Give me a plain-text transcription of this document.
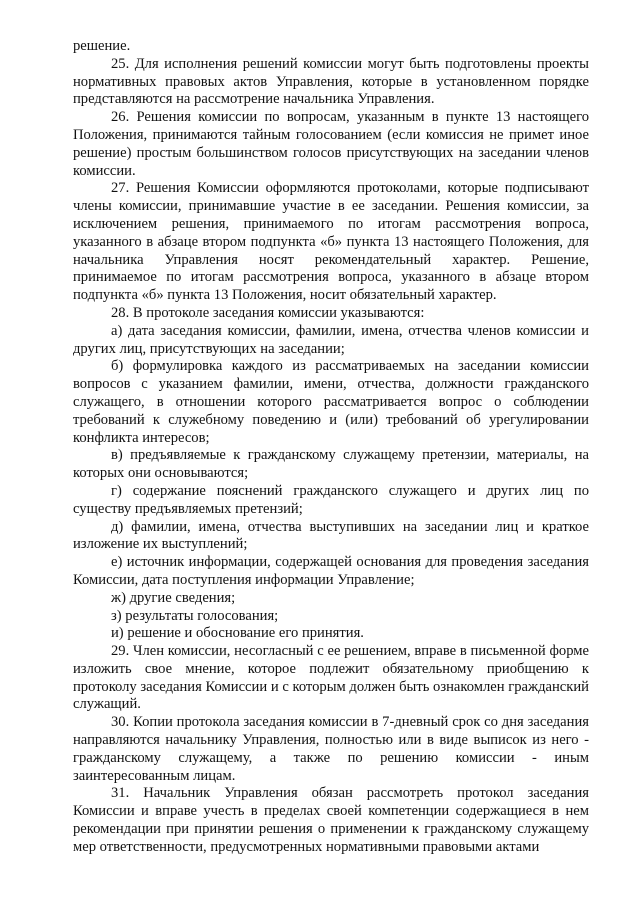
решение.

25. Для исполнения решений комиссии могут быть подготовлены проекты нормативных правовых актов Управления, которые в установленном порядке представляются на рассмотрение начальника Управления.

26. Решения комиссии по вопросам, указанным в пункте 13 настоящего Положения, принимаются тайным голосованием (если комиссия не примет иное решение) простым большинством голосов присутствующих на заседании членов комиссии.

27. Решения Комиссии оформляются протоколами, которые подписывают члены комиссии, принимавшие участие в ее заседании. Решения комиссии, за исключением решения, принимаемого по итогам рассмотрения вопроса, указанного в абзаце втором подпункта «б» пункта 13 настоящего Положения, для начальника Управления носят рекомендательный характер. Решение, принимаемое по итогам рассмотрения вопроса, указанного в абзаце втором подпункта «б» пункта 13 Положения, носит обязательный характер.

28. В протоколе заседания комиссии указываются:

а) дата заседания комиссии, фамилии, имена, отчества членов комиссии и других лиц, присутствующих на заседании;

б) формулировка каждого из рассматриваемых на заседании комиссии вопросов с указанием фамилии, имени, отчества, должности гражданского служащего, в отношении которого рассматривается вопрос о соблюдении требований к служебному поведению и (или) требований об урегулировании конфликта интересов;

в) предъявляемые к гражданскому служащему претензии, материалы, на которых они основываются;

г) содержание пояснений гражданского служащего и других лиц по существу предъявляемых претензий;

д) фамилии, имена, отчества выступивших на заседании лиц и краткое изложение их выступлений;

е) источник информации, содержащей основания для проведения заседания Комиссии, дата поступления информации Управление;

ж) другие сведения;

з) результаты голосования;

и) решение и обоснование его принятия.

29. Член комиссии, несогласный с ее решением, вправе в письменной форме изложить свое мнение, которое подлежит обязательному приобщению к протоколу заседания Комиссии и с которым должен быть ознакомлен гражданский служащий.

30. Копии протокола заседания комиссии в 7-дневный срок со дня заседания направляются начальнику Управления, полностью или в виде выписок из него - гражданскому служащему, а также по решению комиссии - иным заинтересованным лицам.

31. Начальник Управления обязан рассмотреть протокол заседания Комиссии и вправе учесть в пределах своей компетенции содержащиеся в нем рекомендации при принятии решения о применении к гражданскому служащему мер ответственности, предусмотренных нормативными правовыми актами
